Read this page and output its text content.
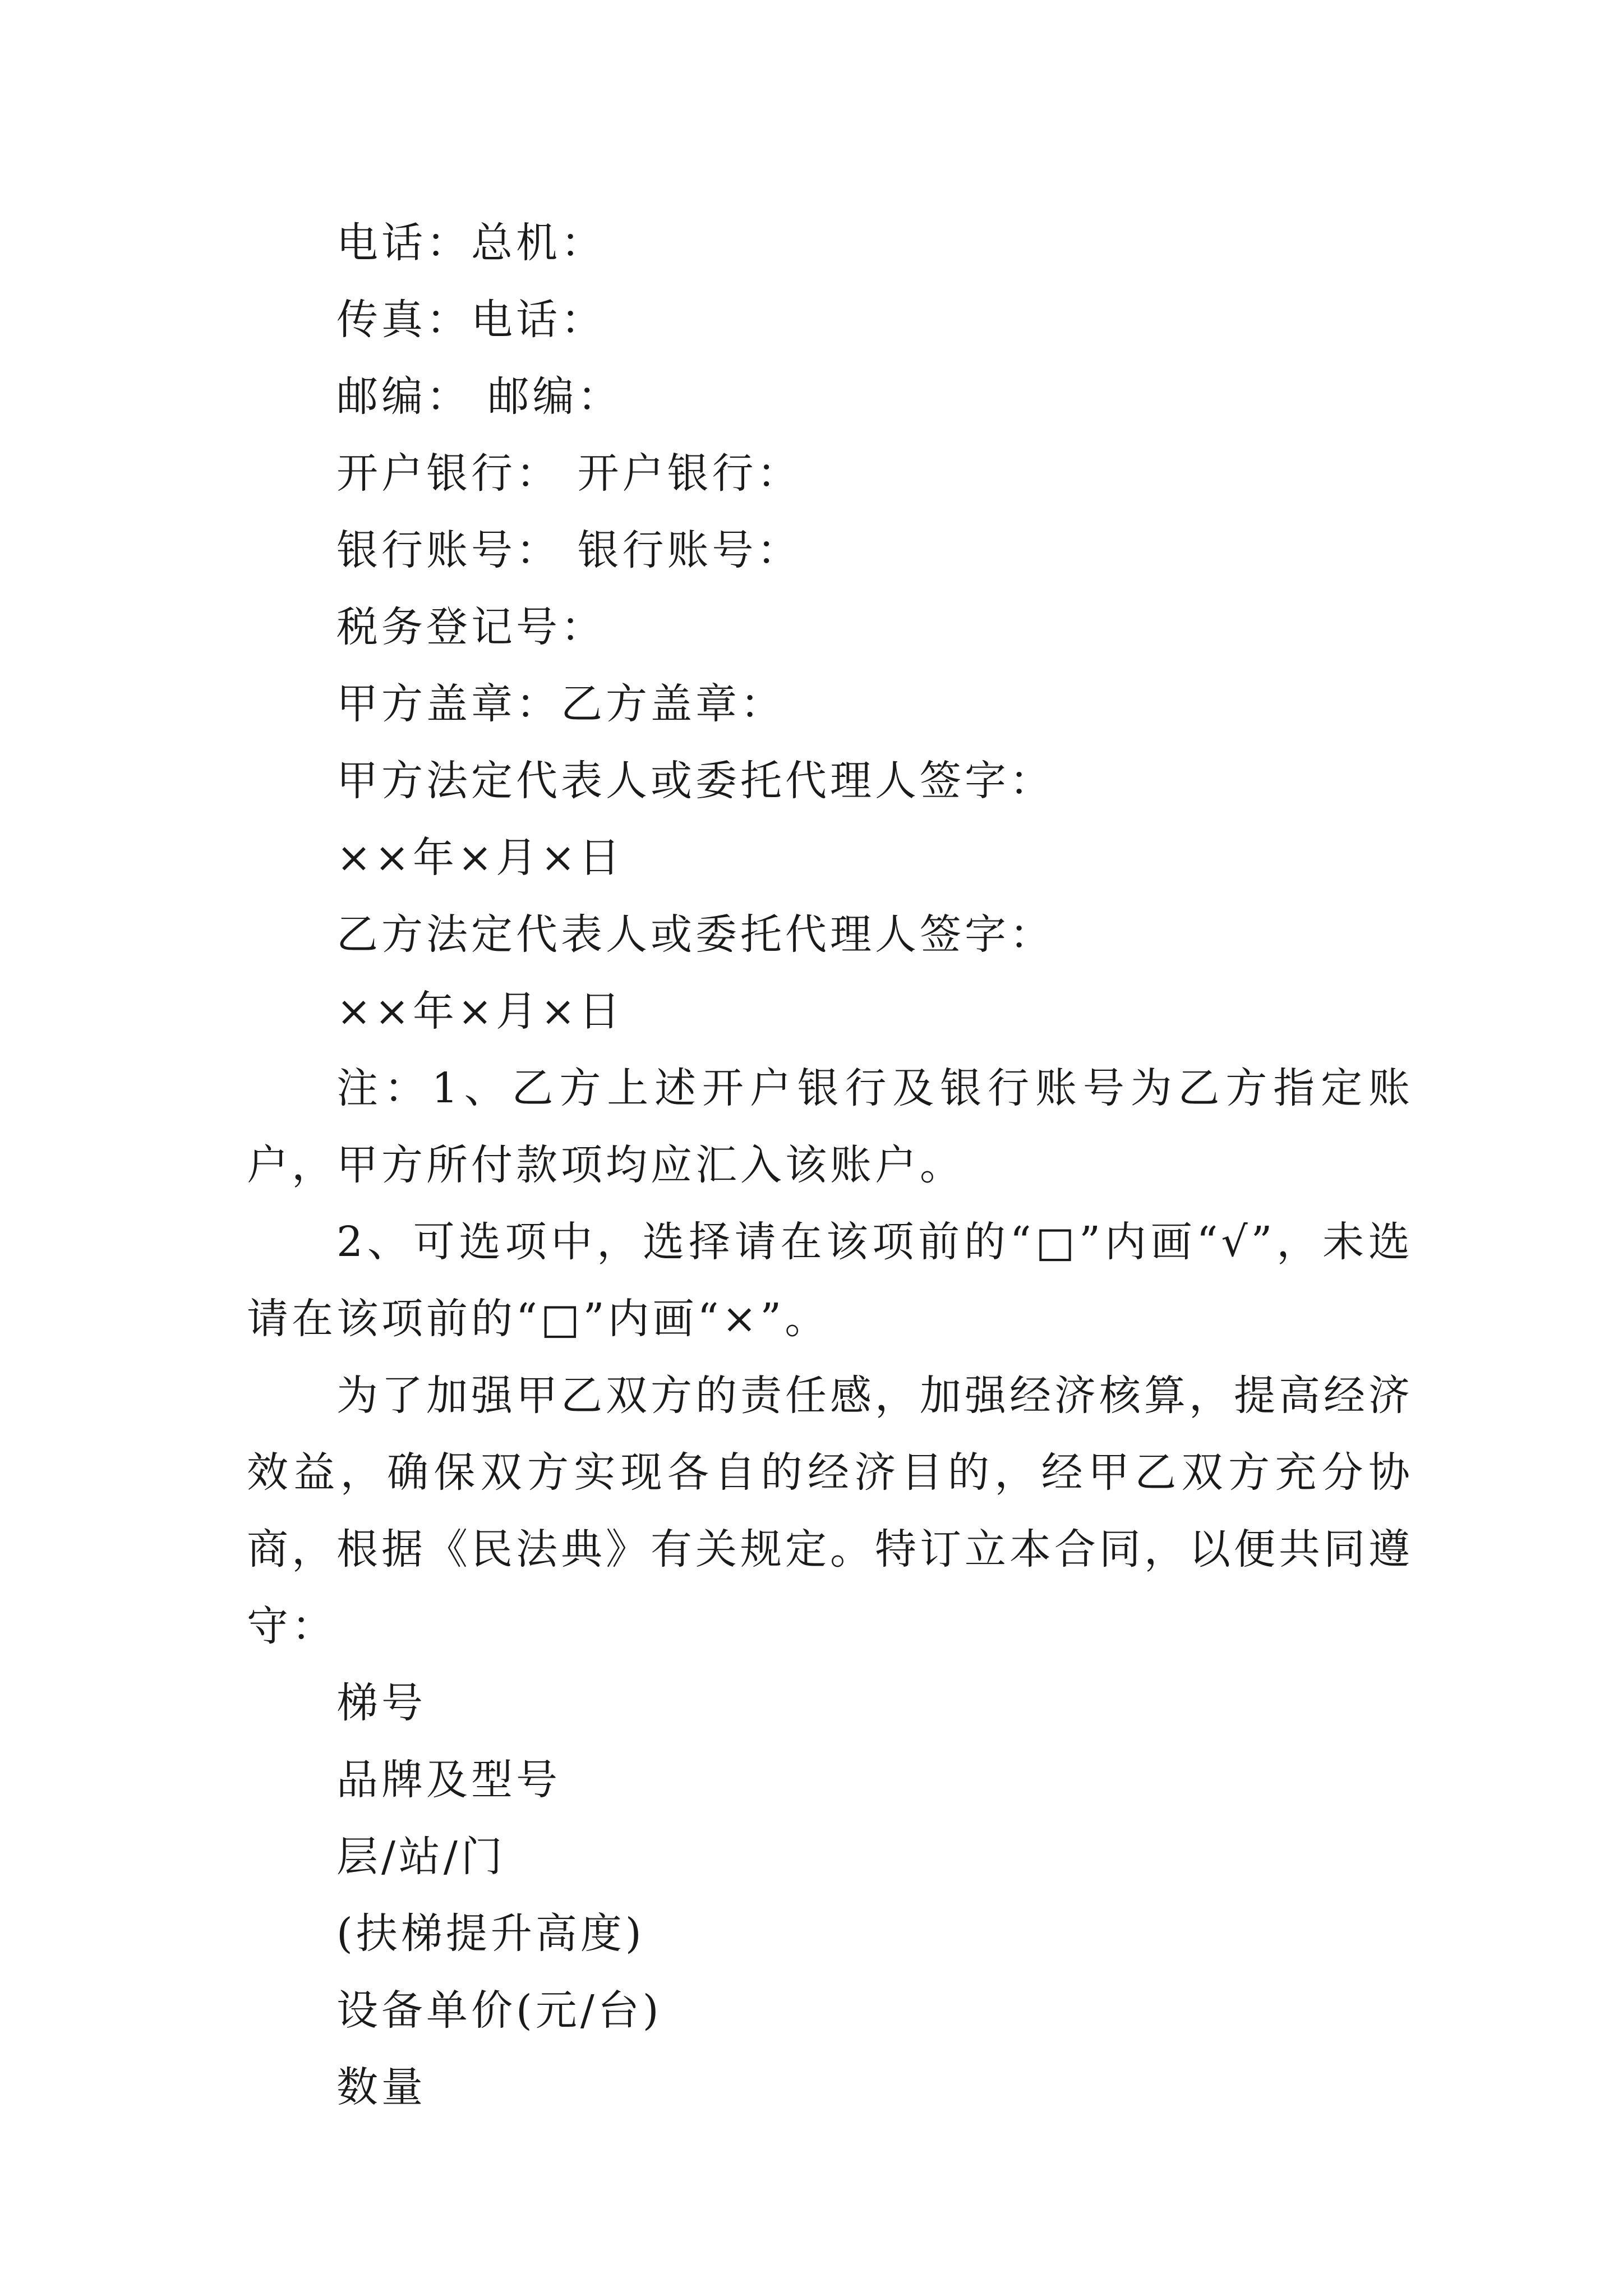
电话：总机：
传真：电话：
邮编： 邮编：
开户银行： 开户银行：
银行账号： 银行账号：
税务登记号：
甲方盖章：乙方盖章：
甲方法定代表人或委托代理人签字：
××年×月×日
乙方法定代表人或委托代理人签字：
××年×月×日

注：1、乙方上述开户银行及银行账号为乙方指定账户，甲方所付款项均应汇入该账户。

2、可选项中，选择请在该项前的“□”内画“√”，未选请在该项前的“□”内画“×”。

为了加强甲乙双方的责任感，加强经济核算，提高经济效益，确保双方实现各自的经济目的，经甲乙双方充分协商，根据《民法典》有关规定。特订立本合同，以便共同遵守：

梯号
品牌及型号
层/站/门
(扶梯提升高度)
设备单价(元/台)
数量
